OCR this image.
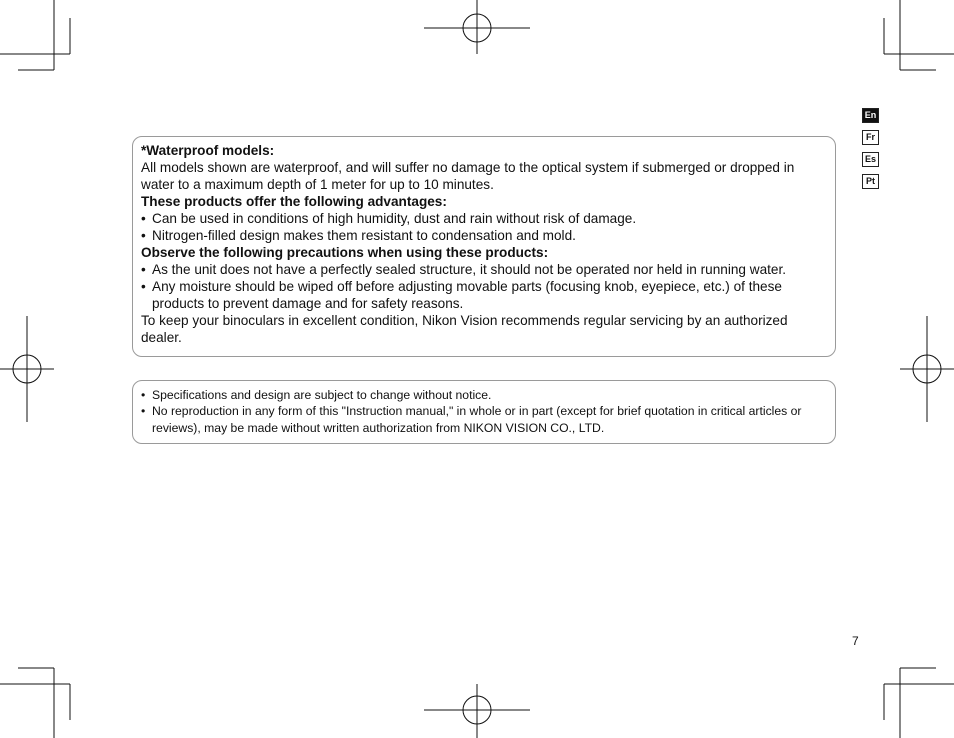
*Waterproof models:

All models shown are waterproof, and will suffer no damage to the optical system if submerged or dropped in water to a maximum depth of 1 meter for up to 10 minutes.

These products offer the following advantages:

• Can be used in conditions of high humidity, dust and rain without risk of damage.
• Nitrogen-filled design makes them resistant to condensation and mold.

Observe the following precautions when using these products:

• As the unit does not have a perfectly sealed structure, it should not be operated nor held in running water.
• Any moisture should be wiped off before adjusting movable parts (focusing knob, eyepiece, etc.) of these products to prevent damage and for safety reasons.

To keep your binoculars in excellent condition, Nikon Vision recommends regular servicing by an authorized dealer.

• Specifications and design are subject to change without notice.
• No reproduction in any form of this "Instruction manual," in whole or in part (except for brief quotation in critical articles or reviews), may be made without written authorization from NIKON VISION CO., LTD.
En
Fr
Es
Pt
7
